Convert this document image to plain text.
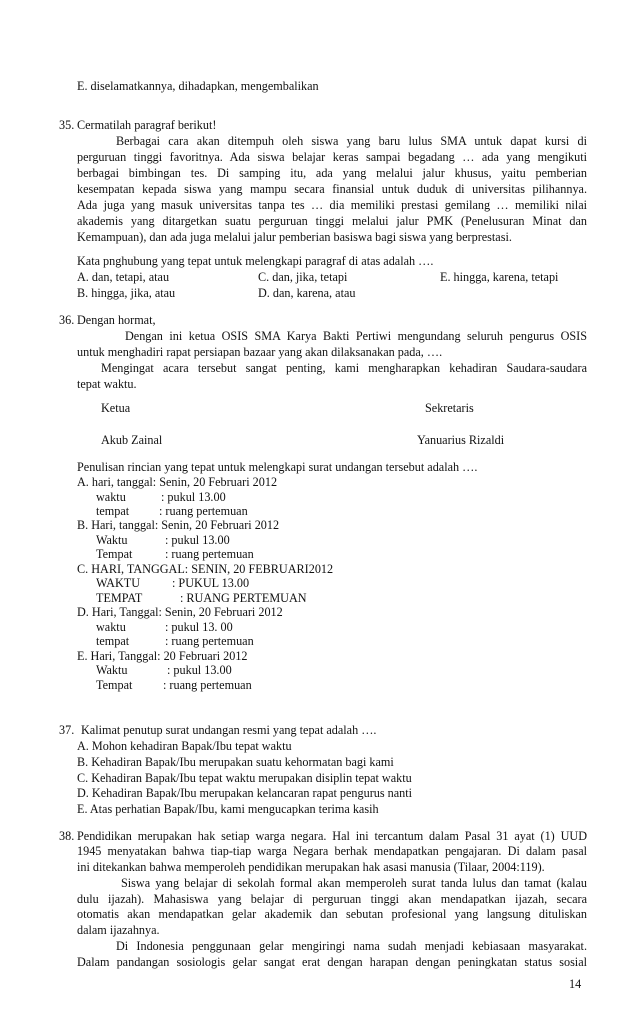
E. diselamatkannya, dihadapkan, mengembalikan
35. Cermatilah paragraf berikut!
Berbagai cara akan ditempuh oleh siswa yang baru lulus SMA untuk dapat kursi di
perguruan tinggi favoritnya. Ada siswa belajar keras sampai begadang … ada yang mengikuti
berbagai bimbingan tes. Di samping itu, ada yang melalui jalur khusus, yaitu pemberian
kesempatan kepada siswa yang mampu secara finansial untuk duduk di universitas pilihannya.
Ada juga yang masuk universitas tanpa tes … dia memiliki prestasi gemilang … memiliki nilai
akademis yang ditargetkan suatu perguruan tinggi melalui jalur PMK (Penelusuran Minat dan
Kemampuan), dan ada juga melalui jalur pemberian basiswa bagi siswa yang berprestasi.
Kata pnghubung yang tepat untuk melengkapi paragraf di atas adalah ….
A. dan, tetapi, atau	C. dan, jika, tetapi	E. hingga, karena, tetapi
B. hingga, jika, atau	D. dan, karena, atau
36. Dengan hormat,
Dengan ini ketua OSIS SMA Karya Bakti Pertiwi mengundang seluruh pengurus OSIS
untuk menghadiri rapat persiapan bazaar yang akan dilaksanakan pada, ….
Mengingat acara tersebut sangat penting, kami mengharapkan kehadiran Saudara-saudara
tepat waktu.
Ketua	Sekretaris
Akub Zainal	Yanuarius Rizaldi
Penulisan rincian yang tepat untuk melengkapi surat undangan tersebut adalah ….
A. hari, tanggal: Senin, 20 Februari 2012
waktu	: pukul 13.00
tempat : ruang pertemuan
B. Hari, tanggal: Senin, 20 Februari 2012
Waktu	: pukul 13.00
Tempat	: ruang pertemuan
C. HARI, TANGGAL: SENIN, 20 FEBRUARI2012
WAKTU	: PUKUL 13.00
TEMPAT	: RUANG PERTEMUAN
D. Hari, Tanggal: Senin, 20 Februari 2012
waktu	: pukul 13. 00
tempat	: ruang pertemuan
E. Hari, Tanggal: 20 Februari 2012
Waktu	: pukul 13.00
Tempat	: ruang pertemuan
37. Kalimat penutup surat undangan resmi yang tepat adalah ….
A. Mohon kehadiran Bapak/Ibu tepat waktu
B. Kehadiran Bapak/Ibu merupakan suatu kehormatan bagi kami
C. Kehadiran Bapak/Ibu tepat waktu merupakan disiplin tepat waktu
D. Kehadiran Bapak/Ibu merupakan kelancaran rapat pengurus nanti
E. Atas perhatian Bapak/Ibu, kami mengucapkan terima kasih
38. Pendidikan merupakan hak setiap warga negara. Hal ini tercantum dalam Pasal 31 ayat (1) UUD
1945 menyatakan bahwa tiap-tiap warga Negara berhak mendapatkan pengajaran. Di dalam pasal
ini ditekankan bahwa memperoleh pendidikan merupakan hak asasi manusia (Tilaar, 2004:119).
Siswa yang belajar di sekolah formal akan memperoleh surat tanda lulus dan tamat (kalau
dulu ijazah). Mahasiswa yang belajar di perguruan tinggi akan mendapatkan ijazah, secara
otomatis akan mendapatkan gelar akademik dan sebutan profesional yang langsung dituliskan
dalam ijazahnya.
Di Indonesia penggunaan gelar mengiringi nama sudah menjadi kebiasaan masyarakat.
Dalam pandangan sosiologis gelar sangat erat dengan harapan dengan peningkatan status sosial
14
